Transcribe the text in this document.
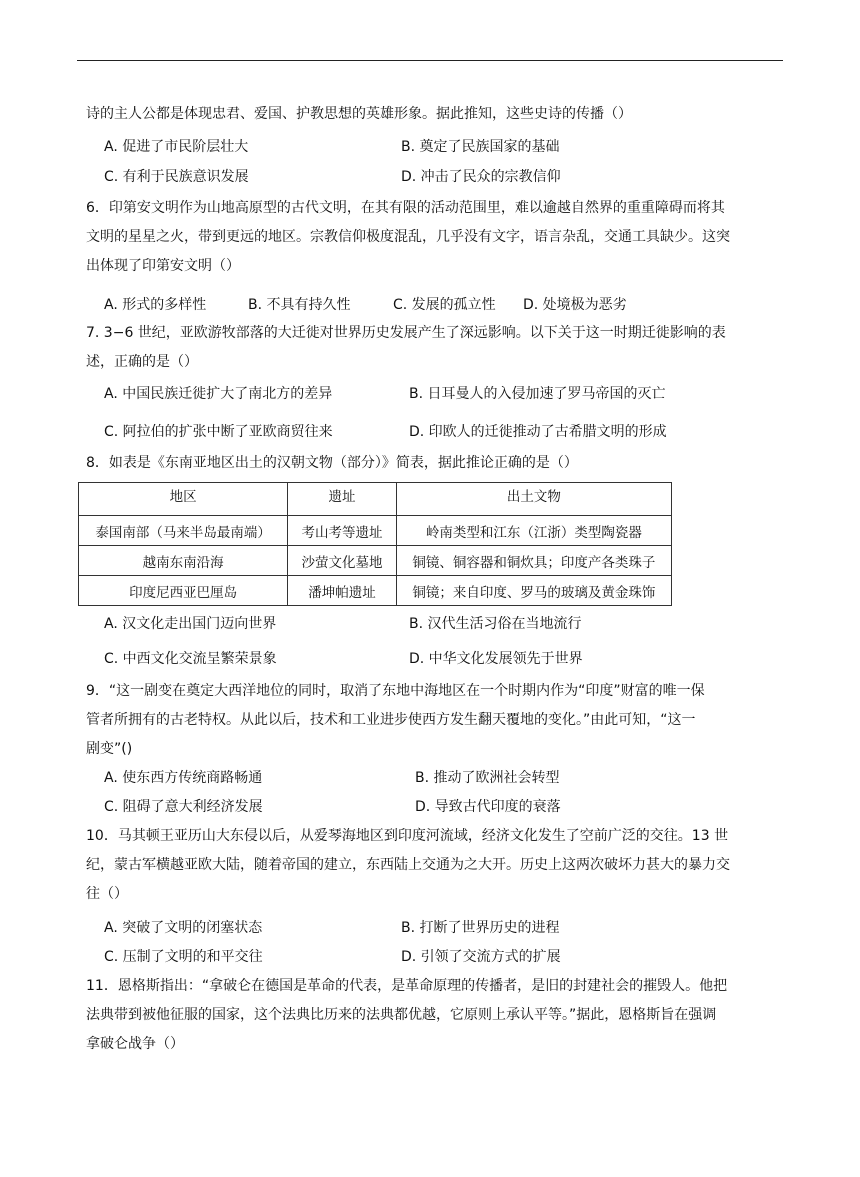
诗的主人公都是体现忠君、爱国、护教思想的英雄形象。据此推知，这些史诗的传播（）
A. 促进了市民阶层壮大	B. 奠定了民族国家的基础
C. 有利于民族意识发展	D. 冲击了民众的宗教信仰
6．印第安文明作为山地高原型的古代文明，在其有限的活动范围里，难以逾越自然界的重重障碍而将其
文明的星星之火，带到更远的地区。宗教信仰极度混乱，几乎没有文字，语言杂乱，交通工具缺少。这突
出体现了印第安文明（）
A. 形式的多样性	B. 不具有持久性	C. 发展的孤立性 D. 处境极为恶劣
7. 3−6 世纪，亚欧游牧部落的大迁徙对世界历史发展产生了深远影响。以下关于这一时期迁徙影响的表
述，正确的是（）
A. 中国民族迁徙扩大了南北方的差异	B. 日耳曼人的入侵加速了罗马帝国的灭亡
C. 阿拉伯的扩张中断了亚欧商贸往来	D. 印欧人的迁徙推动了古希腊文明的形成
8．如表是《东南亚地区出土的汉朝文物（部分）》简表，据此推论正确的是（）
地区	遗址	出土文物
泰国南部（马来半岛最南端）	考山考等遗址	岭南类型和江东（江浙）类型陶瓷器
越南东南沿海	沙萤文化墓地	铜镜、铜容器和铜炊具；印度产各类珠子
印度尼西亚巴厘岛	潘坤帕遗址	铜镜；来自印度、罗马的玻璃及黄金珠饰
A. 汉文化走出国门迈向世界	B. 汉代生活习俗在当地流行
C. 中西文化交流呈繁荣景象	D. 中华文化发展领先于世界
9．“这一剧变在奠定大西洋地位的同时，取消了东地中海地区在一个时期内作为“印度”财富的唯一保
管者所拥有的古老特权。从此以后，技术和工业进步使西方发生翻天覆地的变化。”由此可知，“这一
剧变”()
A. 使东西方传统商路畅通	B. 推动了欧洲社会转型
C. 阻碍了意大利经济发展	D. 导致古代印度的衰落
10．马其顿王亚历山大东侵以后，从爱琴海地区到印度河流域，经济文化发生了空前广泛的交往。13 世
纪，蒙古军横越亚欧大陆，随着帝国的建立，东西陆上交通为之大开。历史上这两次破坏力甚大的暴力交
往（）
A. 突破了文明的闭塞状态	B. 打断了世界历史的进程
C. 压制了文明的和平交往	D. 引领了交流方式的扩展
11．恩格斯指出：“拿破仑在德国是革命的代表，是革命原理的传播者，是旧的封建社会的摧毁人。他把
法典带到被他征服的国家，这个法典比历来的法典都优越，它原则上承认平等。”据此，恩格斯旨在强调
拿破仑战争（）
